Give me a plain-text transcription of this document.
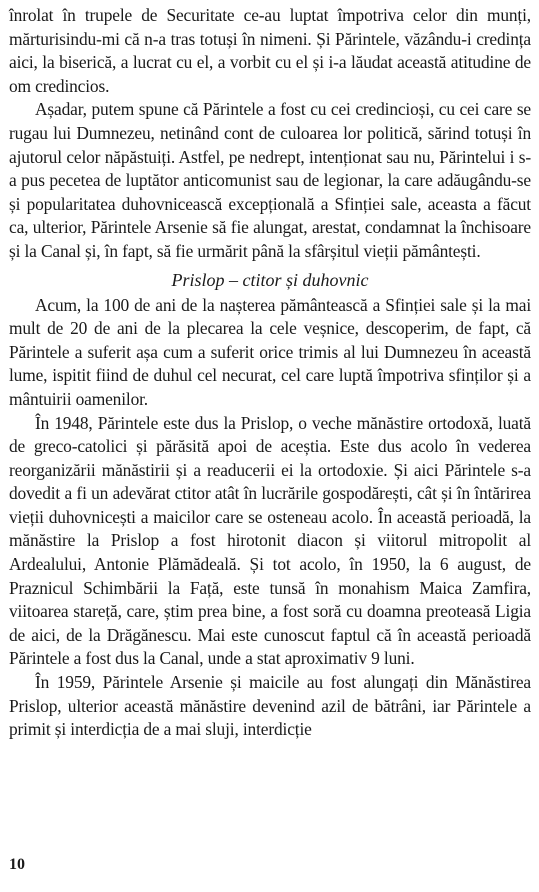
înrolat în trupele de Securitate ce-au luptat împotriva celor din munți, mărturisindu-mi că n-a tras totuși în nimeni. Și Părintele, văzându-i credința aici, la biserică, a lucrat cu el, a vorbit cu el și i-a lăudat această atitudine de om credincios.

Așadar, putem spune că Părintele a fost cu cei credincioși, cu cei care se rugau lui Dumnezeu, netinând cont de culoarea lor politică, sărind totuși în ajutorul celor năpăstuiți. Astfel, pe nedrept, intenționat sau nu, Părintelui i s-a pus pecetea de luptător anticomunist sau de legionar, la care adăugându-se și popularitatea duhovnicească excepțională a Sfinției sale, aceasta a făcut ca, ulterior, Părintele Arsenie să fie alungat, arestat, condamnat la închisoare și la Canal și, în fapt, să fie urmărit până la sfârșitul vieții pământești.

Prislop – ctitor și duhovnic

Acum, la 100 de ani de la nașterea pământească a Sfinției sale și la mai mult de 20 de ani de la plecarea la cele veșnice, descoperim, de fapt, că Părintele a suferit așa cum a suferit orice trimis al lui Dumnezeu în această lume, ispitit fiind de duhul cel necurat, cel care luptă împotriva sfinților și a mântuirii oamenilor.

În 1948, Părintele este dus la Prislop, o veche mănăstire ortodoxă, luată de greco-catolici și părăsită apoi de aceștia. Este dus acolo în vederea reorganizării mănăstirii și a readucerii ei la ortodoxie. Și aici Părintele s-a dovedit a fi un adevărat ctitor atât în lucrările gospodărești, cât și în întărirea vieții duhovnicești a maicilor care se osteneau acolo. În această perioadă, la mănăstire la Prislop a fost hirotonit diacon și viitorul mitropolit al Ardealului, Antonie Plămădeală. Și tot acolo, în 1950, la 6 august, de Praznicul Schimbării la Față, este tunsă în monahism Maica Zamfira, viitoarea stareță, care, știm prea bine, a fost soră cu doamna preoteasă Ligia de aici, de la Drăgănescu. Mai este cunoscut faptul că în această perioadă Părintele a fost dus la Canal, unde a stat aproximativ 9 luni.

În 1959, Părintele Arsenie și maicile au fost alungați din Mănăstirea Prislop, ulterior această mănăstire devenind azil de bătrâni, iar Părintele a primit și interdicția de a mai sluji, interdicție

10
